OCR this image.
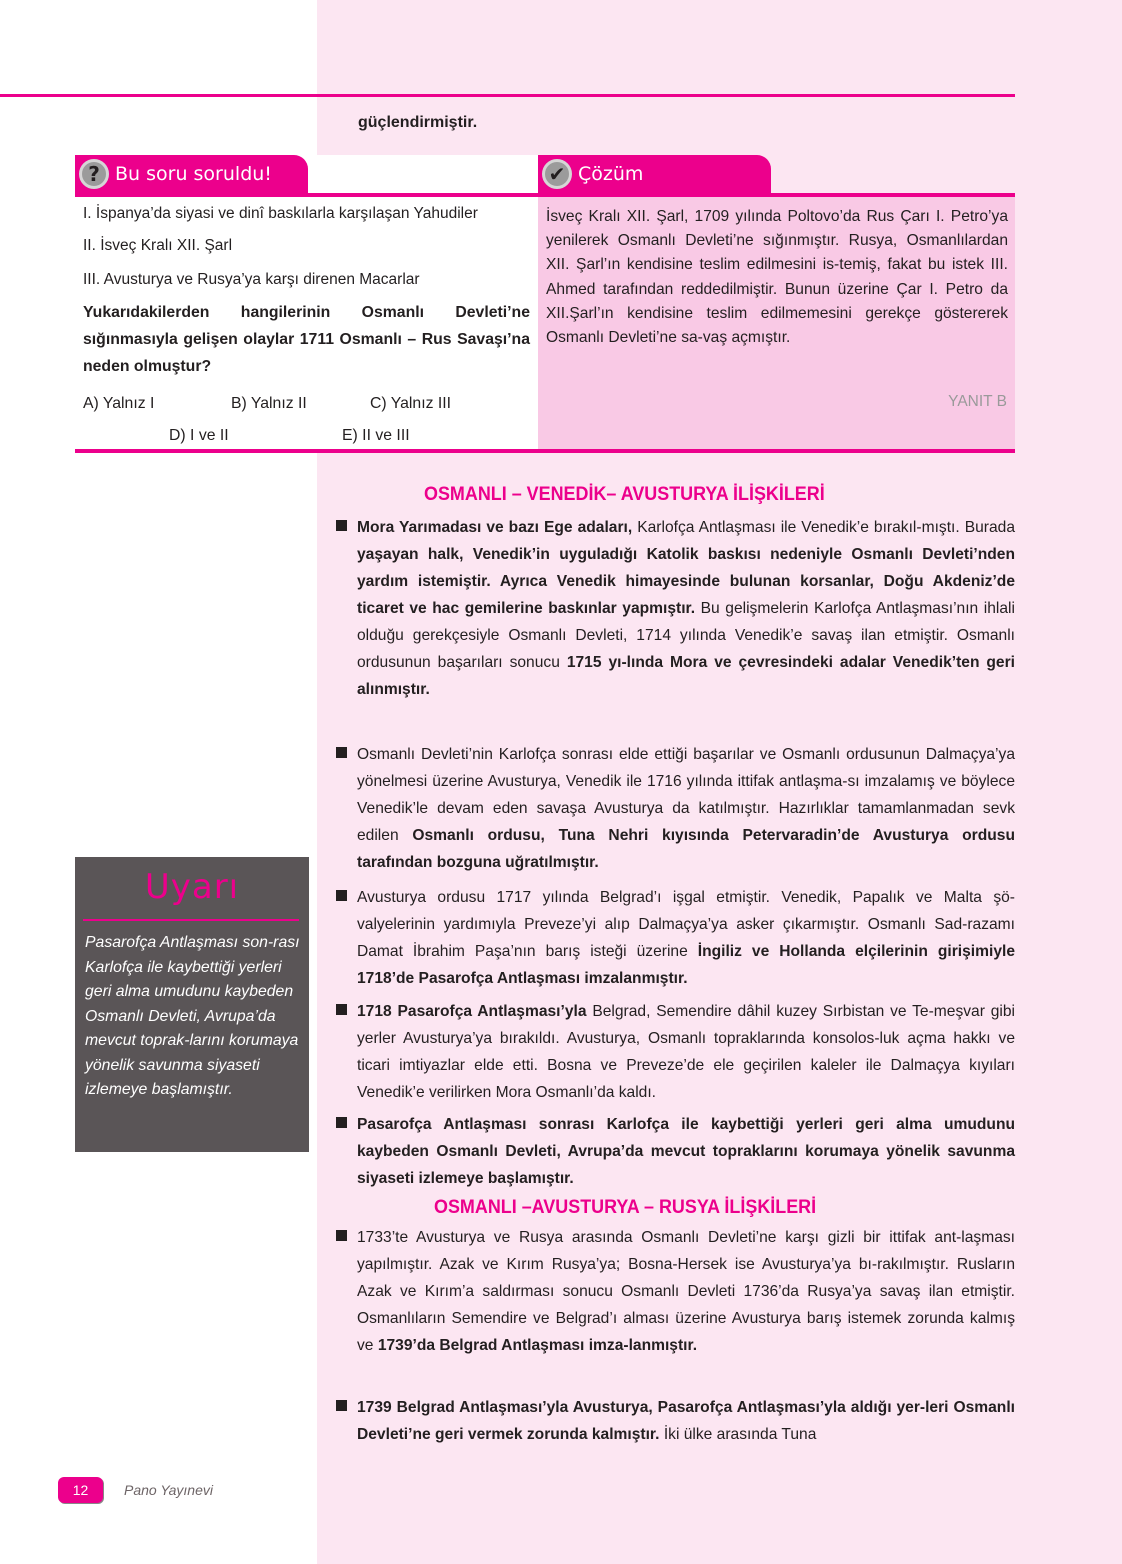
güçlendirmiştir.
? Bu soru soruldu!
I. İspanya’da siyasi ve dinî baskılarla karşılaşan Yahudiler
II. İsveç Kralı XII. Şarl
III. Avusturya ve Rusya’ya karşı direnen Macarlar
Yukarıdakilerden hangilerinin Osmanlı Devleti’ne sığınmasıyla gelişen olaylar 1711 Osmanlı – Rus Savaşı’na neden olmuştur?
A) Yalnız I	B) Yalnız II	C) Yalnız III
D) I ve II	E) II ve III
✔ Çözüm
İsveç Kralı XII. Şarl, 1709 yılında Poltovo’da Rus Çarı I. Petro’ya yenilerek Osmanlı Devleti’ne sığınmıştır. Rusya, Osmanlılardan XII. Şarl’ın kendisine teslim edilmesini is-temiş, fakat bu istek III. Ahmed tarafından reddedilmiştir. Bunun üzerine Çar I. Petro da XII.Şarl’ın kendisine teslim edilmemesini gerekçe göstererek Osmanlı Devleti’ne sa-vaş açmıştır.
YANIT B
OSMANLI – VENEDİK– AVUSTURYA İLİŞKİLERİ
Mora Yarımadası ve bazı Ege adaları, Karlofça Antlaşması ile Venedik’e bırakıl-mıştı. Burada yaşayan halk, Venedik’in uyguladığı Katolik baskısı nedeniyle Osmanlı Devleti’nden yardım istemiştir. Ayrıca Venedik himayesinde bulunan korsanlar, Doğu Akdeniz’de ticaret ve hac gemilerine baskınlar yapmıştır. Bu gelişmelerin Karlofça Antlaşması’nın ihlali olduğu gerekçesiyle Osmanlı Devleti, 1714 yılında Venedik’e savaş ilan etmiştir. Osmanlı ordusunun başarıları sonucu 1715 yı-lında Mora ve çevresindeki adalar Venedik’ten geri alınmıştır.
Osmanlı Devleti’nin Karlofça sonrası elde ettiği başarılar ve Osmanlı ordusunun Dalmaçya’ya yönelmesi üzerine Avusturya, Venedik ile 1716 yılında ittifak antlaşma-sı imzalamış ve böylece Venedik’le devam eden savaşa Avusturya da katılmıştır. Hazırlıklar tamamlanmadan sevk edilen Osmanlı ordusu, Tuna Nehri kıyısında Petervaradin’de Avusturya ordusu tarafından bozguna uğratılmıştır.
Avusturya ordusu 1717 yılında Belgrad’ı işgal etmiştir. Venedik, Papalık ve Malta şö-valyelerinin yardımıyla Preveze’yi alıp Dalmaçya’ya asker çıkarmıştır. Osmanlı Sad-razamı Damat İbrahim Paşa’nın barış isteği üzerine İngiliz ve Hollanda elçilerinin girişimiyle 1718’de Pasarofça Antlaşması imzalanmıştır.
1718 Pasarofça Antlaşması’yla Belgrad, Semendire dâhil kuzey Sırbistan ve Te-meşvar gibi yerler Avusturya’ya bırakıldı. Avusturya, Osmanlı topraklarında konsolos-luk açma hakkı ve ticari imtiyazlar elde etti. Bosna ve Preveze’de ele geçirilen kaleler ile Dalmaçya kıyıları Venedik’e verilirken Mora Osmanlı’da kaldı.
Pasarofça Antlaşması sonrası Karlofça ile kaybettiği yerleri geri alma umudunu kaybeden Osmanlı Devleti, Avrupa’da mevcut topraklarını korumaya yönelik savunma siyaseti izlemeye başlamıştır.
OSMANLI –AVUSTURYA – RUSYA İLİŞKİLERİ
1733’te Avusturya ve Rusya arasında Osmanlı Devleti’ne karşı gizli bir ittifak ant-laşması yapılmıştır. Azak ve Kırım Rusya’ya; Bosna-Hersek ise Avusturya’ya bı-rakılmıştır. Rusların Azak ve Kırım’a saldırması sonucu Osmanlı Devleti 1736’da Rusya’ya savaş ilan etmiştir. Osmanlıların Semendire ve Belgrad’ı alması üzerine Avusturya barış istemek zorunda kalmış ve 1739’da Belgrad Antlaşması imza-lanmıştır.
1739 Belgrad Antlaşması’yla Avusturya, Pasarofça Antlaşması’yla aldığı yer-leri Osmanlı Devleti’ne geri vermek zorunda kalmıştır. İki ülke arasında Tuna
Uyarı
Pasarofça Antlaşması son-rası Karlofça ile kaybettiği yerleri geri alma umudunu kaybeden Osmanlı Devleti, Avrupa’da mevcut toprak-larını korumaya yönelik savunma siyaseti izlemeye başlamıştır.
12	Pano Yayınevi
